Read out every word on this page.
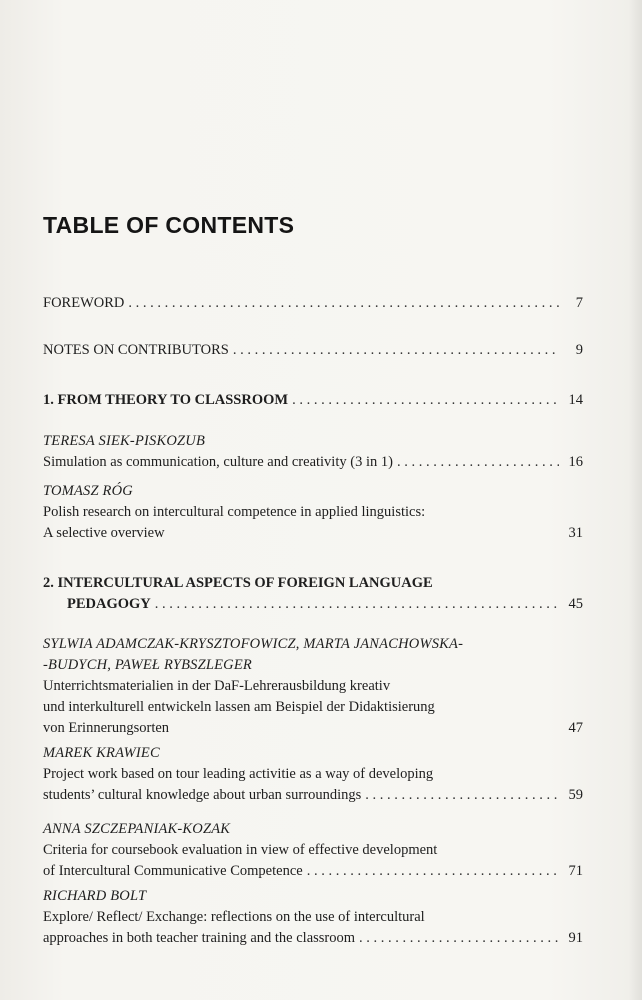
TABLE OF CONTENTS
FOREWORD . . .	7
NOTES ON CONTRIBUTORS . . .	9
1. FROM THEORY TO CLASSROOM . . .	14
TERESA SIEK-PISKOZUB
Simulation as communication, culture and creativity (3 in 1) . . .	16
TOMASZ RÓG
Polish research on intercultural competence in applied linguistics:
A selective overview	31
2. INTERCULTURAL ASPECTS OF FOREIGN LANGUAGE
PEDAGOGY . . .	45
SYLWIA ADAMCZAK-KRYSZTOFOWICZ, MARTA JANACHOWSKA-
-BUDYCH, PAWEŁ RYBSZLEGER
Unterrichtsmaterialien in der DaF-Lehrerausbildung kreativ
und interkulturell entwickeln lassen am Beispiel der Didaktisierung
von Erinnerungsorten	47
MAREK KRAWIEC
Project work based on tour leading activitie as a way of developing
students’ cultural knowledge about urban surroundings . . .	59
ANNA SZCZEPANIAK-KOZAK
Criteria for coursebook evaluation in view of effective development
of Intercultural Communicative Competence . . .	71
RICHARD BOLT
Explore/ Reflect/ Exchange: reflections on the use of intercultural
approaches in both teacher training and the classroom . . .	91
